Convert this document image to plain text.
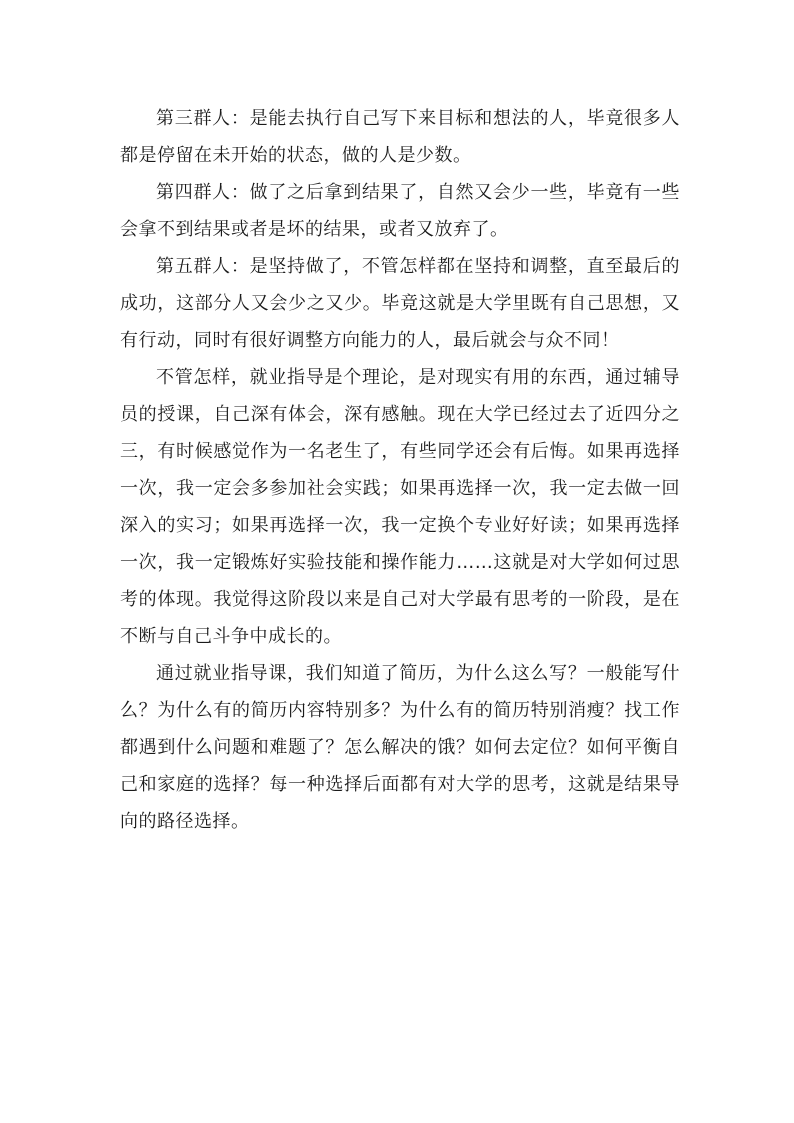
第三群人：是能去执行自己写下来目标和想法的人，毕竟很多人都是停留在未开始的状态，做的人是少数。

第四群人：做了之后拿到结果了，自然又会少一些，毕竟有一些会拿不到结果或者是坏的结果，或者又放弃了。

第五群人：是坚持做了，不管怎样都在坚持和调整，直至最后的成功，这部分人又会少之又少。毕竟这就是大学里既有自己思想，又有行动，同时有很好调整方向能力的人，最后就会与众不同！

不管怎样，就业指导是个理论，是对现实有用的东西，通过辅导员的授课，自己深有体会，深有感触。现在大学已经过去了近四分之三，有时候感觉作为一名老生了，有些同学还会有后悔。如果再选择一次，我一定会多参加社会实践；如果再选择一次，我一定去做一回深入的实习；如果再选择一次，我一定换个专业好好读；如果再选择一次，我一定锻炼好实验技能和操作能力……这就是对大学如何过思考的体现。我觉得这阶段以来是自己对大学最有思考的一阶段，是在不断与自己斗争中成长的。

通过就业指导课，我们知道了简历，为什么这么写？一般能写什么？为什么有的简历内容特别多？为什么有的简历特别消瘦？找工作都遇到什么问题和难题了？怎么解决的饿？如何去定位？如何平衡自己和家庭的选择？每一种选择后面都有对大学的思考，这就是结果导向的路径选择。
